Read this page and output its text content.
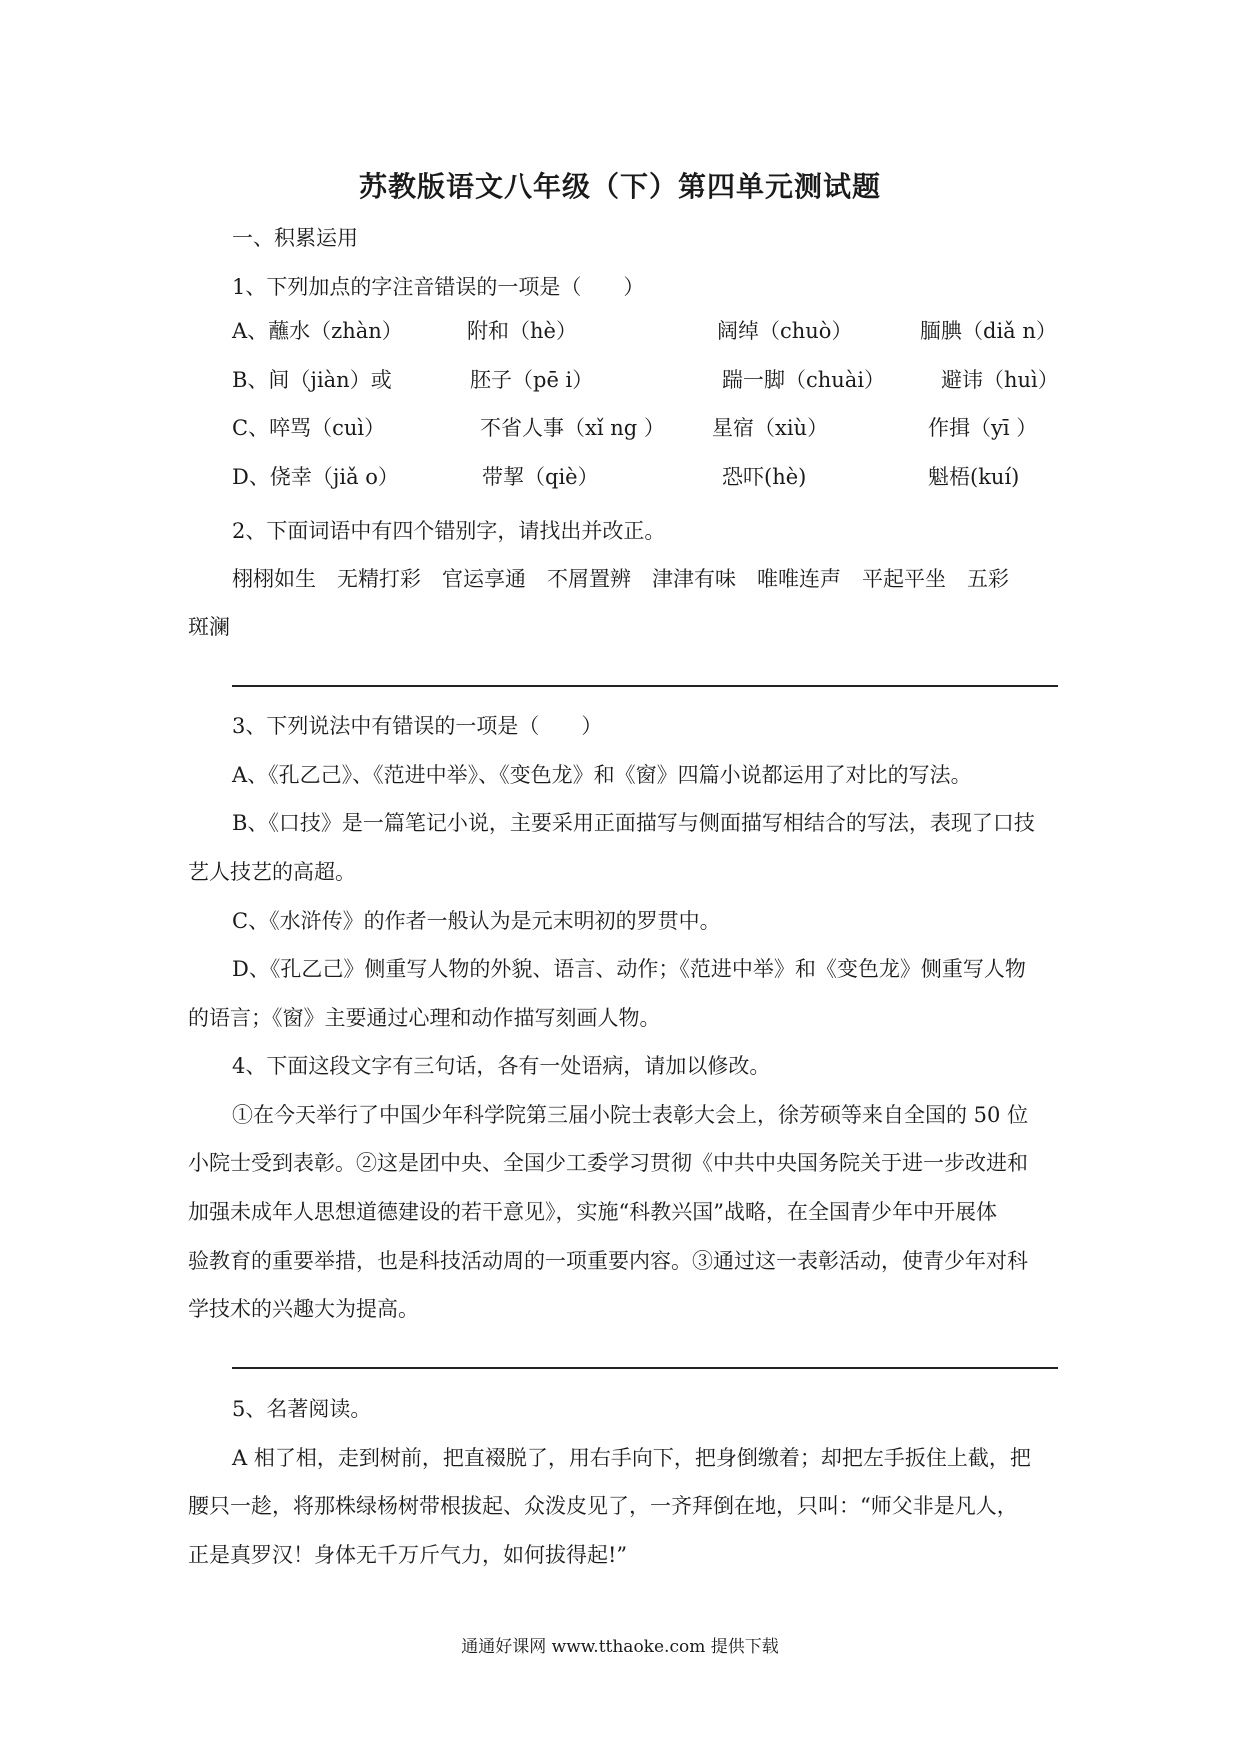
苏教版语文八年级（下）第四单元测试题
一、积累运用
1、下列加点的字注音错误的一项是（　　）
A、蘸水（zhàn）	附和（hè）	阔绰（chuò）	腼腆（diǎ n）
B、间（jiàn）或	胚子（pē i）	踹一脚（chuài）	避讳（huì）
C、啐骂（cuì）	不省人事（xǐ ng ） 星宿（xiù）	作揖（yī ）
D、侥幸（jiǎ o）	带挈（qiè）	恐吓(hè)	魁梧(kuí)
2、下面词语中有四个错别字，请找出并改正。
栩栩如生　无精打彩　官运享通　不屑置辨　津津有味　唯唯连声　平起平坐　五彩
斑澜
3、下列说法中有错误的一项是（　　）
A、《孔乙己》、《范进中举》、《变色龙》和《窗》四篇小说都运用了对比的写法。
B、《口技》是一篇笔记小说，主要采用正面描写与侧面描写相结合的写法，表现了口技
艺人技艺的高超。
C、《水浒传》的作者一般认为是元末明初的罗贯中。
D、《孔乙己》侧重写人物的外貌、语言、动作；《范进中举》和《变色龙》侧重写人物
的语言；《窗》主要通过心理和动作描写刻画人物。
4、下面这段文字有三句话，各有一处语病，请加以修改。
①在今天举行了中国少年科学院第三届小院士表彰大会上，徐芳硕等来自全国的 50 位
小院士受到表彰。②这是团中央、全国少工委学习贯彻《中共中央国务院关于进一步改进和
加强未成年人思想道德建设的若干意见》，实施“科教兴国”战略，在全国青少年中开展体
验教育的重要举措，也是科技活动周的一项重要内容。③通过这一表彰活动，使青少年对科
学技术的兴趣大为提高。
5、名著阅读。
A 相了相，走到树前，把直裰脱了，用右手向下，把身倒缴着；却把左手扳住上截，把
腰只一趁，将那株绿杨树带根拔起、众泼皮见了，一齐拜倒在地，只叫：“师父非是凡人，
正是真罗汉！身体无千万斤气力，如何拔得起!”
通通好课网 www.tthaoke.com 提供下载
